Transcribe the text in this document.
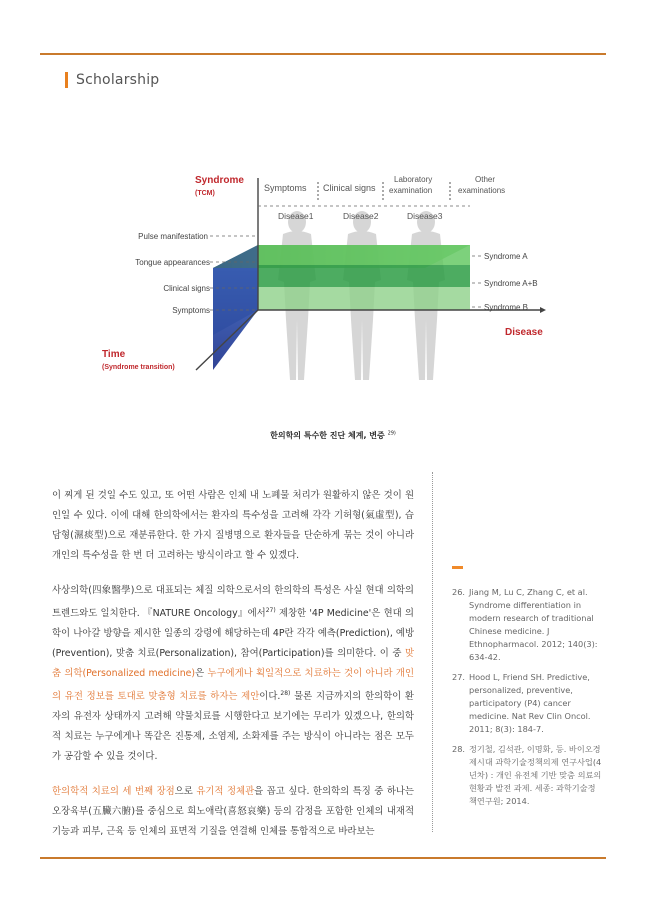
Scholarship
Syndrome
(TCM)
Symptoms Clinical signs
Laboratory
examination
Other
examinations
Disease1	Disease2	Disease3
Pulse manifestation
Tongue appearances
Clinical signs
Symptoms
Syndrome A
Syndrome A+B
Syndrome B
Disease
Time
(Syndrome transition)
한의학의 특수한 진단 체계, 변증 $^{29)}$

이 찌게 된 것일 수도 있고, 또 어떤 사람은 인체 내 노폐물 처리가 원활하지 않은 것이 원인일 수 있다. 이에 대해 한의학에서는 환자의 특수성을 고려해 각각 기허형(氣虛型), 습담형(濕痰型)으로 재분류한다. 한 가지 질병명으로 환자들을 단순하게 묶는 것이 아니라 개인의 특수성을 한 번 더 고려하는 방식이라고 할 수 있겠다.

사상의학(四象醫學)으로 대표되는 체질 의학으로서의 한의학의 특성은 사실 현대 의학의 트렌드와도 일치한다. 『NATURE Oncology』에서$^{27)}$ 제창한 '4P Medicine'은 현대 의학이 나아갈 방향을 제시한 일종의 강령에 해당하는데 4P란 각각 예측(Prediction), 예방(Prevention), 맞춤 치료(Personalization), 참여(Participation)를 의미한다. 이 중 맞춤 의학(Personalized medicine)은 누구에게나 획일적으로 치료하는 것이 아니라 개인의 유전 정보를 토대로 맞춤형 치료를 하자는 제안이다.$^{28)}$ 물론 지금까지의 한의학이 환자의 유전자 상태까지 고려해 약물치료를 시행한다고 보기에는 무리가 있겠으나, 한의학적 치료는 누구에게나 똑같은 진통제, 소염제, 소화제를 주는 방식이 아니라는 점은 모두가 공감할 수 있을 것이다.

한의학적 치료의 세 번째 장점으로 유기적 정체관을 꼽고 싶다. 한의학의 특징 중 하나는 오장육부(五臟六腑)를 중심으로 희노애락(喜怒哀樂) 등의 감정을 포함한 인체의 내재적 기능과 피부, 근육 등 인체의 표면적 기질을 연결해 인체를 통합적으로 바라보는

26. Jiang M, Lu C, Zhang C, et al. Syndrome differentiation in modern research of traditional Chinese medicine. J Ethnopharmacol. 2012; 140(3): 634-42.
27. Hood L, Friend SH. Predictive, personalized, preventive, participatory (P4) cancer medicine. Nat Rev Clin Oncol. 2011; 8(3): 184-7.
28. 정기철, 김석관, 이명화, 등. 바이오경제시대 과학기술정책의제 연구사업(4년차) : 개인 유전체 기반 맞춤 의료의 현황과 발전 과제. 세종: 과학기술정책연구원; 2014.
